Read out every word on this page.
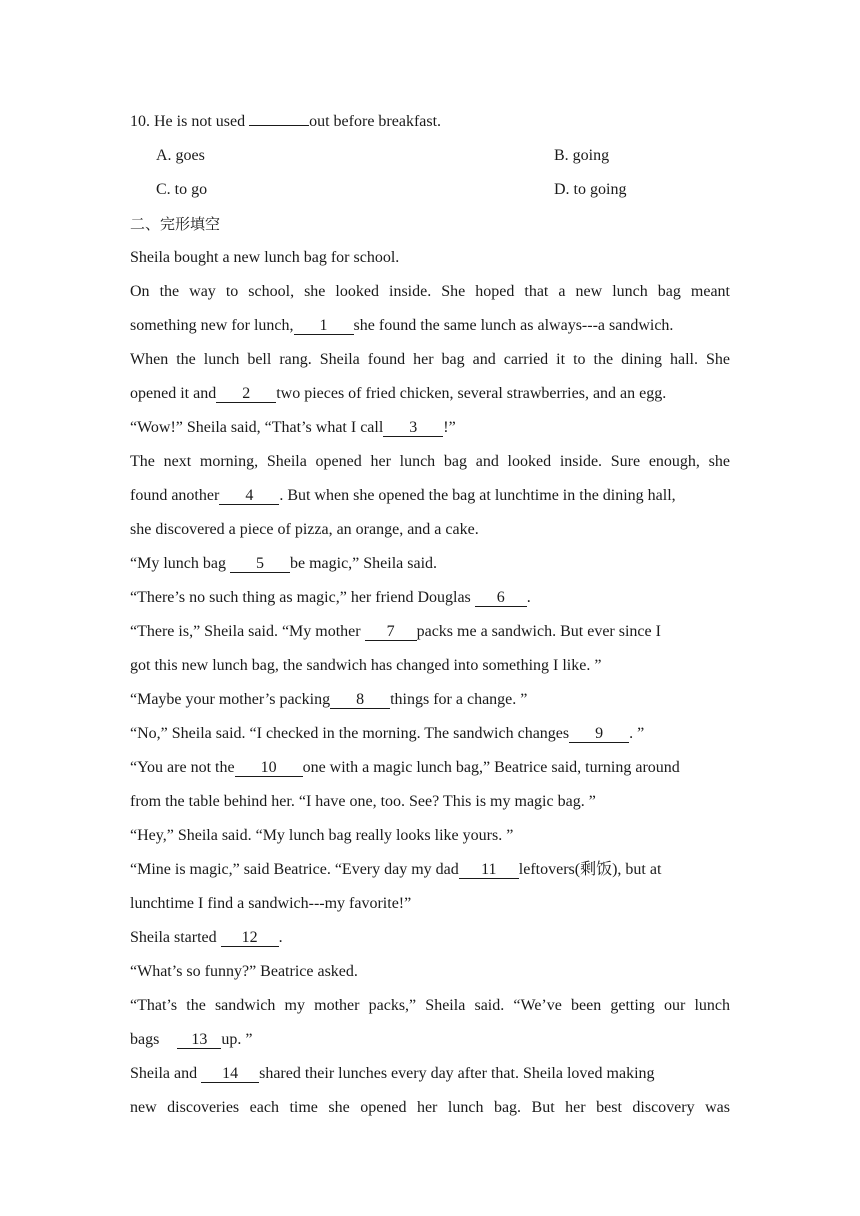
10. He is not used	out before breakfast.
A. goes	B. going
C. to go	D. to going
二、完形填空
Sheila bought a new lunch bag for school.
On the way to school, she looked inside. She hoped that a new lunch bag meant
something new for lunch, 1 she found the same lunch as always---a sandwich.
When the lunch bell rang. Sheila found her bag and carried it to the dining hall. She
opened it and 2 two pieces of fried chicken, several strawberries, and an egg.
“Wow!” Sheila said, “That’s what I call 3 !”
The next morning, Sheila opened her lunch bag and looked inside. Sure enough, she
found another 4 . But when she opened the bag at lunchtime in the dining hall,
she discovered a piece of pizza, an orange, and a cake.
“My lunch bag 5 be magic,” Sheila said.
“There’s no such thing as magic,” her friend Douglas 6 .
“There is,” Sheila said. “My mother 7 packs me a sandwich. But ever since I
got this new lunch bag, the sandwich has changed into something I like. ”
“Maybe your mother’s packing 8 things for a change. ”
“No,” Sheila said. “I checked in the morning. The sandwich changes 9 . ”
“You are not the 10 one with a magic lunch bag,” Beatrice said, turning around
from the table behind her. “I have one, too. See? This is my magic bag. ”
“Hey,” Sheila said. “My lunch bag really looks like yours. ”
“Mine is magic,” said Beatrice. “Every day my dad 11 leftovers(剩饭), but at
lunchtime I find a sandwich---my favorite!”
Sheila started 12 .
“What’s so funny?” Beatrice asked.
“That’s the sandwich my mother packs,” Sheila said. “We’ve been getting our lunch
bags 13 up. ”
Sheila and 14 shared their lunches every day after that. Sheila loved making
new discoveries each time she opened her lunch bag. But her best discovery was
